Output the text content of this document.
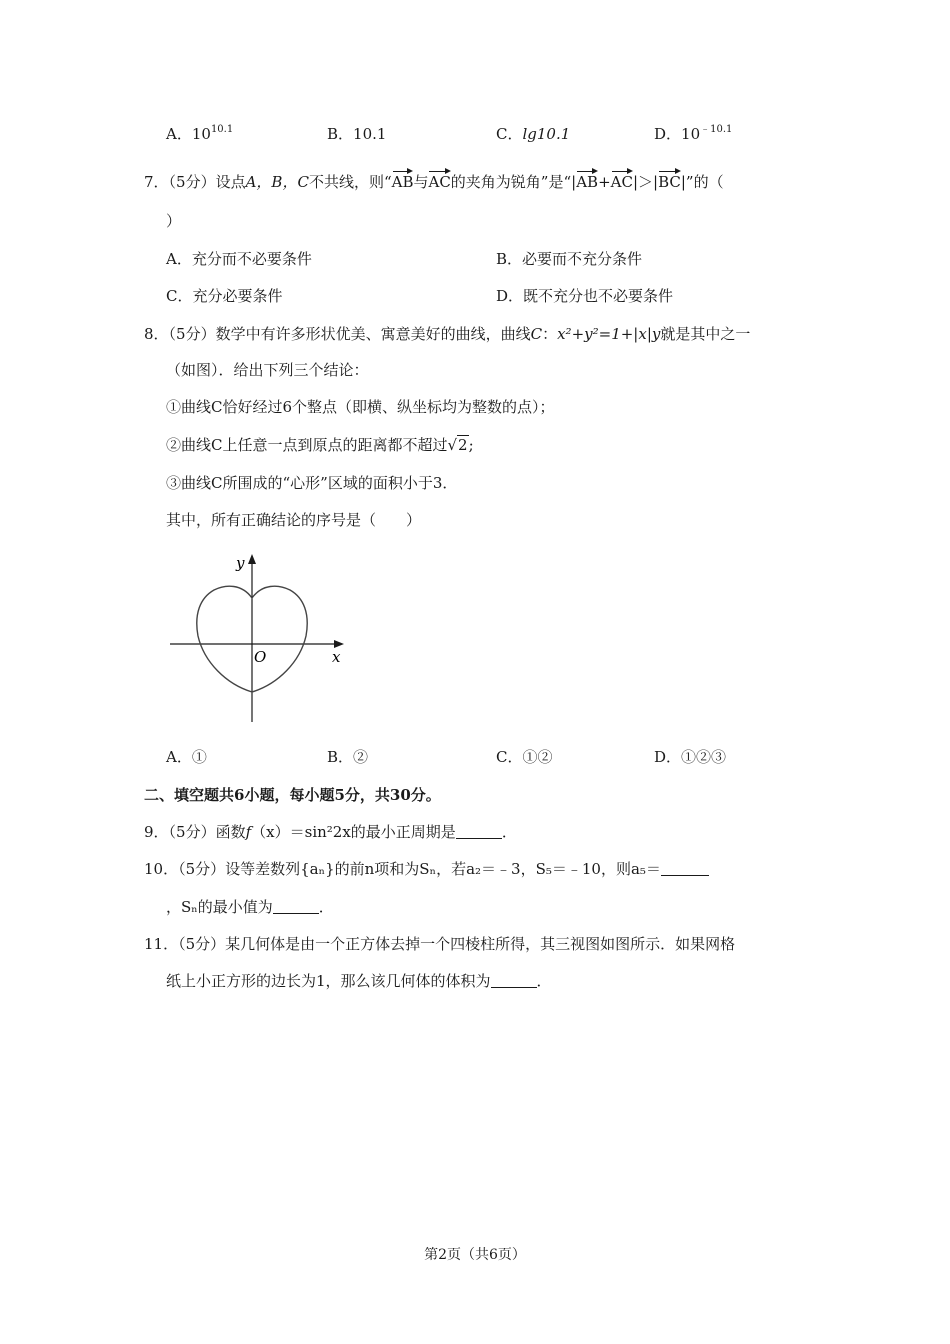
A．$10^{10.1}$	B．10.1	C．lg10.1	D．$10^{﹣10.1}$
7．（5分）设点A，B，C不共线，则“AB与AC的夹角为锐角”是“|AB+AC|＞|BC|”的（
）
A．充分而不必要条件	B．必要而不充分条件
C．充分必要条件	D．既不充分也不必要条件
8．（5分）数学中有许多形状优美、寓意美好的曲线，曲线C：x²+y²=1+|x|y就是其中之一
（如图）．给出下列三个结论：
①曲线C恰好经过6个整点（即横、纵坐标均为整数的点）；
②曲线C上任意一点到原点的距离都不超过√2;
③曲线C所围成的“心形”区域的面积小于3．
其中，所有正确结论的序号是（　　）
y
x
O
A．①	B．②	C．①②	D．①②③
二、填空题共6小题，每小题5分，共30分。
9．（5分）函数f（x）＝sin²2x的最小正周期是	．
10．（5分）设等差数列{aₙ}的前n项和为Sₙ，若a₂＝﹣3，S₅＝﹣10，则a₅＝
，Sₙ的最小值为	．
11．（5分）某几何体是由一个正方体去掉一个四棱柱所得，其三视图如图所示．如果网格
纸上小正方形的边长为1，那么该几何体的体积为	．
第2页（共6页）
